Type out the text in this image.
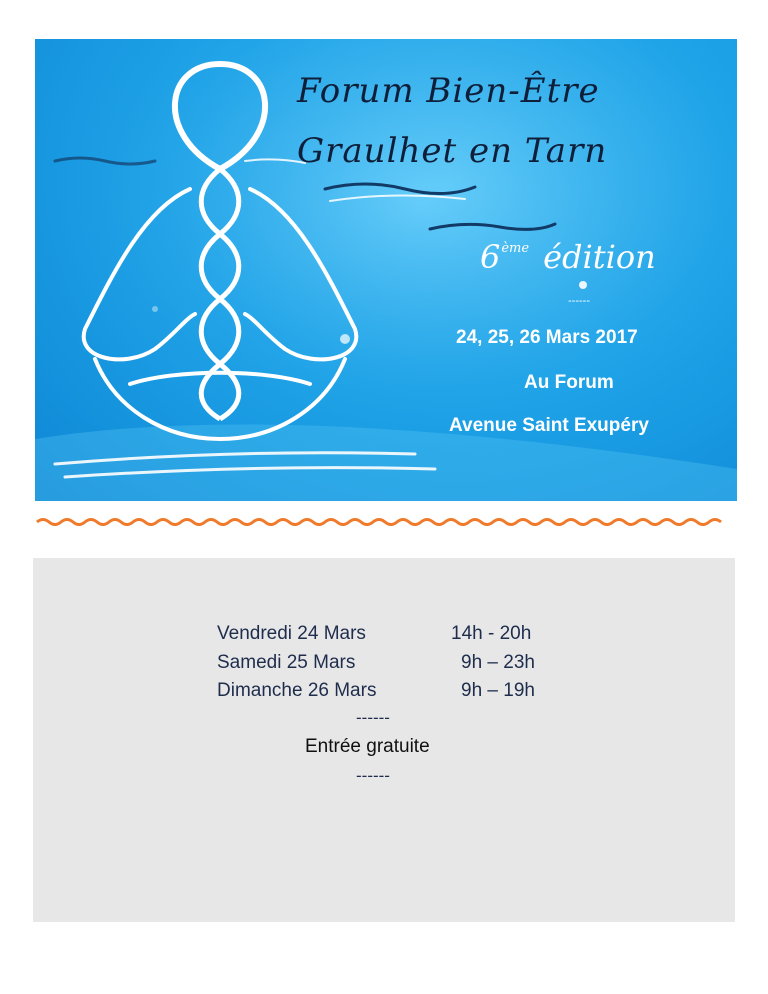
Forum Bien-Être
Graulhet en Tarn
6ème édition
------
24, 25, 26 Mars 2017
Au Forum
Avenue Saint Exupéry
Vendredi 24 Mars	14h - 20h
Samedi 25 Mars	9h – 23h
Dimanche 26 Mars	9h – 19h
------
Entrée gratuite
------
